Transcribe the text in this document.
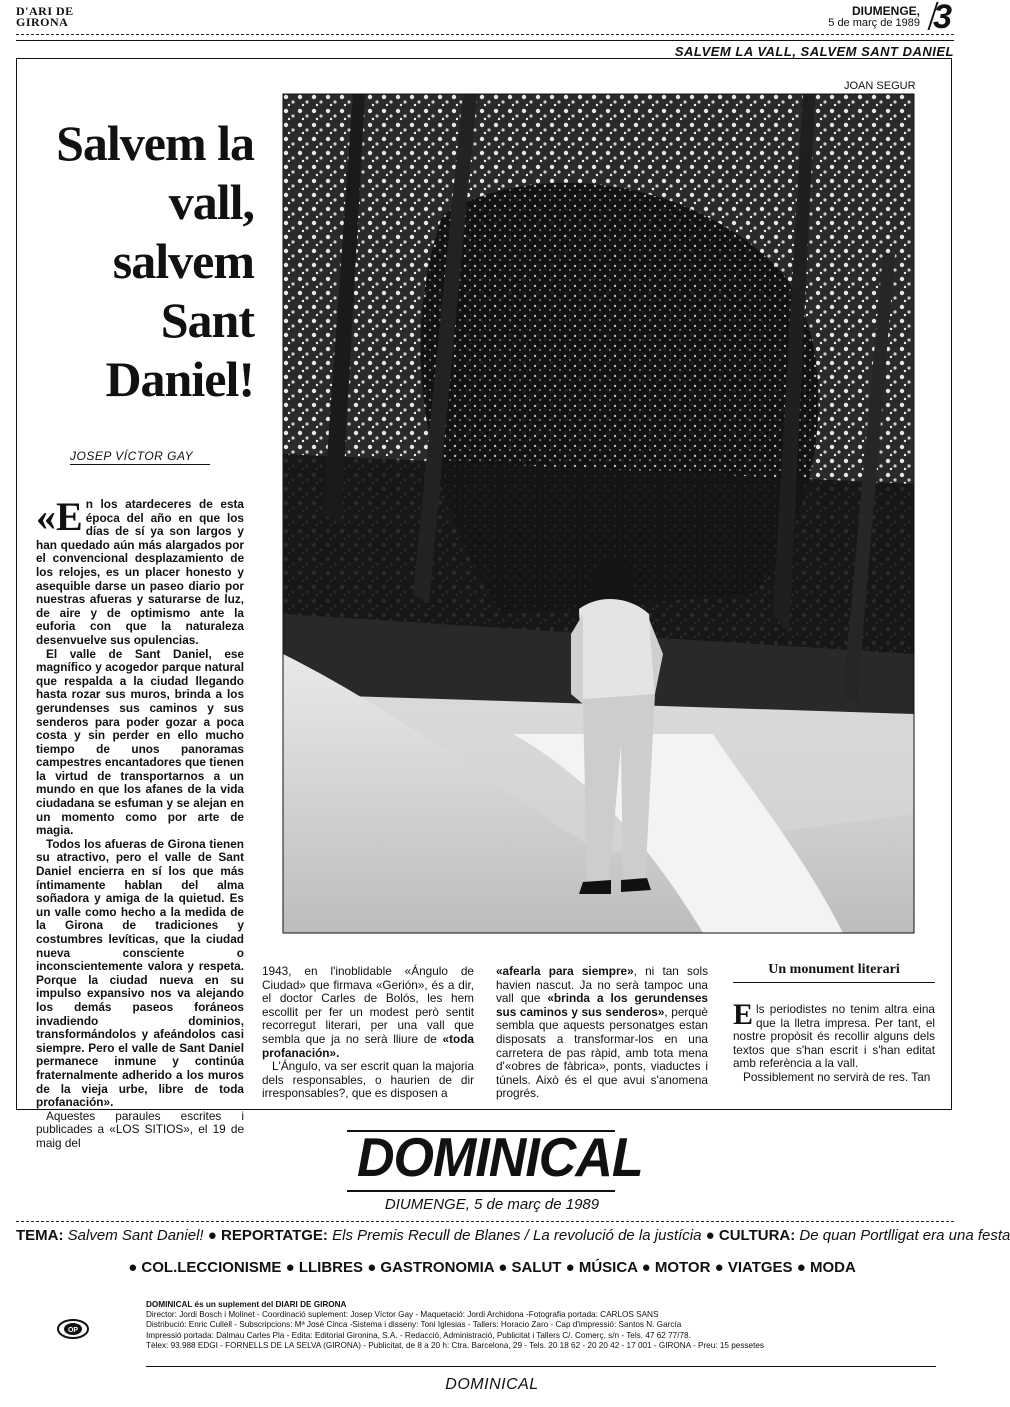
D'ARI DE
GIRONA
DIUMENGE,
5 de març de 1989 3
SALVEM LA VALL, SALVEM SANT DANIEL
Salvem la
vall,
salvem
Sant
Daniel!
JOSEP VÍCTOR GAY
JOAN SEGUR

«En los atardeceres de esta época del año en que los días de sí ya son largos y han quedado aún más alargados por el convencional desplazamiento de los relojes, es un placer honesto y asequible darse un paseo diario por nuestras afueras y saturarse de luz, de aire y de optimismo ante la euforia con que la naturaleza desenvuelve sus opulencias.

El valle de Sant Daniel, ese magnífico y acogedor parque natural que respalda a la ciudad llegando hasta rozar sus muros, brinda a los gerundenses sus caminos y sus senderos para poder gozar a poca costa y sin perder en ello mucho tiempo de unos panoramas campestres encantadores que tienen la virtud de transportarnos a un mundo en que los afanes de la vida ciudadana se esfuman y se alejan en un momento como por arte de magia.

Todos los afueras de Girona tienen su atractivo, pero el valle de Sant Daniel encierra en sí los que más íntimamente hablan del alma soñadora y amiga de la quietud. Es un valle como hecho a la medida de la Girona de tradiciones y costumbres levíticas, que la ciudad nueva consciente o inconscientemente valora y respeta. Porque la ciudad nueva en su impulso expansivo nos va alejando los demás paseos foráneos invadiendo dominios, transformándolos y afeándolos casi siempre. Pero el valle de Sant Daniel permanece inmune y continúa fraternalmente adherido a los muros de la vieja urbe, libre de toda profanación».

Aquestes paraules escrites i publicades a «LOS SITIOS», el 19 de maig del

1943, en l'inoblidable «Ángulo de Ciudad» que firmava «Gerión», és a dir, el doctor Carles de Bolós, les hem escollit per fer un modest però sentit recorregut literari, per una vall que sembla que ja no serà lliure de «toda profanación».

L'Ángulo, va ser escrit quan la majoria dels responsables, o haurien de dir irresponsables?, que es disposen a

«afearla para siempre», ni tan sols havien nascut. Ja no serà tampoc una vall que «brinda a los gerundenses sus caminos y sus senderos», perquè sembla que aquests personatges estan disposats a transformar-los en una carretera de pas ràpid, amb tota mena d'«obres de fàbrica», ponts, viaductes i túnels. Això és el que avui s'anomena progrés.

Un monument literari

Els periodistes no tenim altra eina que la lletra impresa. Per tant, el nostre propòsit és recollir alguns dels textos que s'han escrit i s'han editat amb referència a la vall.

Possiblement no servirà de res. Tan

DOMINICAL
DIUMENGE, 5 de març de 1989
TEMA: Salvem Sant Daniel! ● REPORTATGE: Els Premis Recull de Blanes / La revolució de la justícia ● CULTURA: De quan Portlligat era una festa
● COL.LECCIONISME ● LLIBRES ● GASTRONOMIA ● SALUT ● MÚSICA ● MOTOR ● VIATGES ● MODA
OP
DOMINICAL és un suplement del DIARI DE GIRONA
Director: Jordi Bosch i Molinet - Coordinació suplement: Josep Víctor Gay - Maquetació: Jordi Archidona -Fotografia portada: CARLOS SANS
Distribució: Enric Cullell - Subscripcions: Mª José Cinca -Sistema i disseny: Toni Iglesias - Tallers: Horacio Zaro - Cap d'impressió: Santos N. García
Impressió portada: Dalmau Carles Pla - Edita: Editorial Gironina, S.A. - Redacció, Administració, Publicitat i Tallers C/. Comerç, s/n - Tels. 47 62 77/78.
Tèlex: 93.988 EDGI - FORNELLS DE LA SELVA (GIRONA) - Publicitat, de 8 a 20 h: Ctra. Barcelona, 29 - Tels. 20 18 62 - 20 20 42 - 17 001 - GIRONA - Preu: 15 pessetes
DOMINICAL
